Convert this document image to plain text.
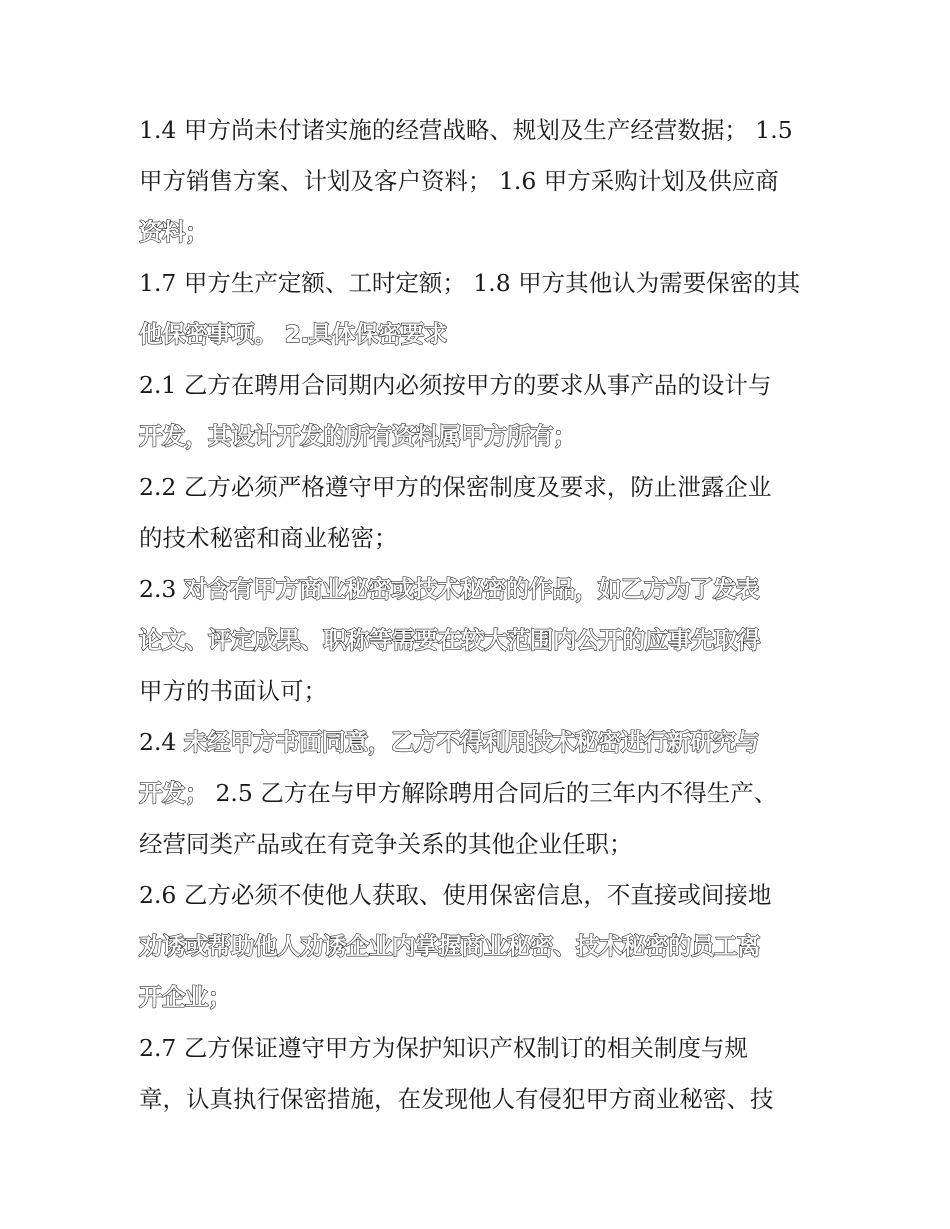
1.4 甲方尚未付诸实施的经营战略、规划及生产经营数据； 1.5
甲方销售方案、计划及客户资料； 1.6 甲方采购计划及供应商
资料；
1.7 甲方生产定额、工时定额； 1.8 甲方其他认为需要保密的其
他保密事项。 2.具体保密要求
2.1 乙方在聘用合同期内必须按甲方的要求从事产品的设计与
开发，其设计开发的所有资料属甲方所有；
2.2 乙方必须严格遵守甲方的保密制度及要求，防止泄露企业
的技术秘密和商业秘密；
2.3 对含有甲方商业秘密或技术秘密的作品，如乙方为了发表
论文、评定成果、职称等需要在较大范围内公开的应事先取得
甲方的书面认可；
2.4 未经甲方书面同意，乙方不得利用技术秘密进行新研究与
开发； 2.5 乙方在与甲方解除聘用合同后的三年内不得生产、
经营同类产品或在有竞争关系的其他企业任职；
2.6 乙方必须不使他人获取、使用保密信息，不直接或间接地
劝诱或帮助他人劝诱企业内掌握商业秘密、技术秘密的员工离
开企业；
2.7 乙方保证遵守甲方为保护知识产权制订的相关制度与规
章，认真执行保密措施，在发现他人有侵犯甲方商业秘密、技
